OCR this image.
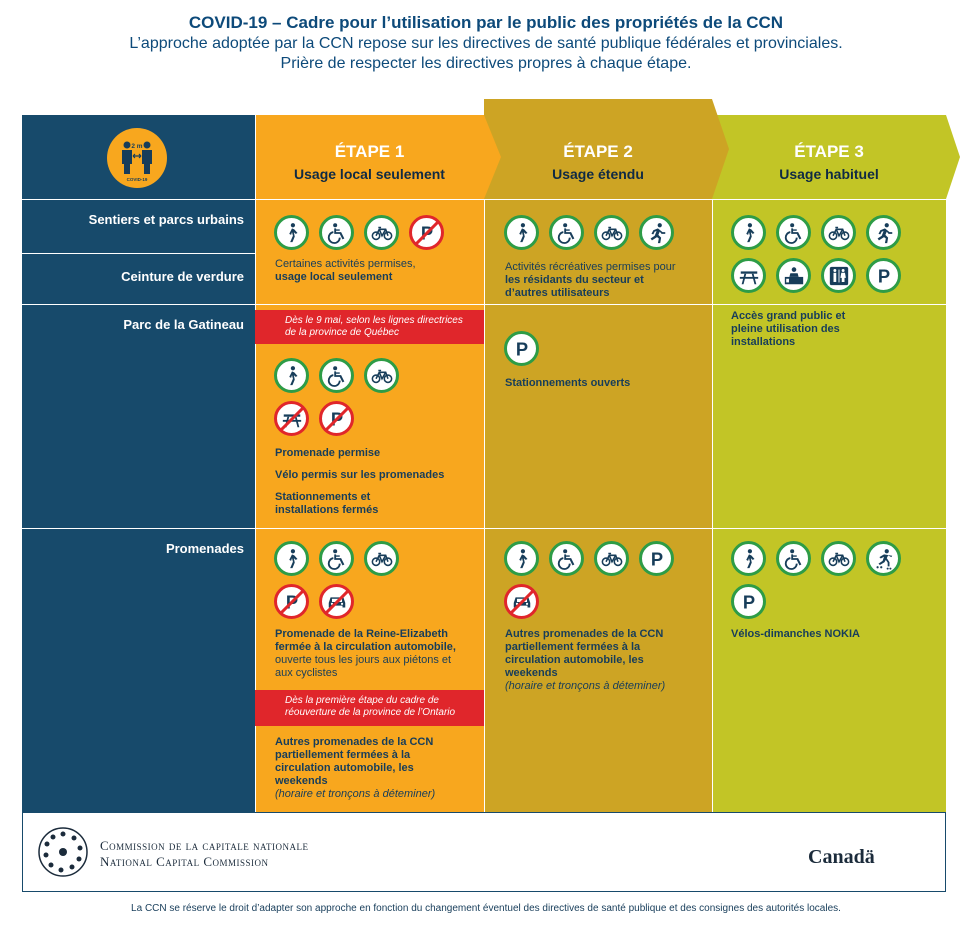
COVID-19 – Cadre pour l’utilisation par le public des propriétés de la CCN
L’approche adoptée par la CCN repose sur les directives de santé publique fédérales et provinciales.
Prière de respecter les directives propres à chaque étape.
2 m
COVID-19
ÉTAPE 1
Usage local seulement
ÉTAPE 2
Usage étendu
ÉTAPE 3
Usage habituel
Sentiers et parcs urbains
Ceinture de verdure
Parc de la Gatineau
Promenades
Certaines activités permises,
usage local seulement
Dès le 9 mai, selon les lignes directrices de la province de Québec
Promenade permise
Vélo permis sur les promenades
Stationnements et installations fermés
Promenade de la Reine-Elizabeth fermée à la circulation automobile,
ouverte tous les jours aux piétons et aux cyclistes
Dès la première étape du cadre de réouverture de la province de l’Ontario
Autres promenades de la CCN partiellement fermées à la circulation automobile, les weekends
(horaire et tronçons à déteminer)
Activités récréatives permises pour les résidants du secteur et d’autres utilisateurs
Stationnements ouverts
Autres promenades de la CCN partiellement fermées à la circulation automobile, les weekends
(horaire et tronçons à déteminer)
Accès grand public et pleine utilisation des installations
Vélos-dimanches NOKIA
Commission de la capitale nationale
National Capital Commission	Canadä
La CCN se réserve le droit d’adapter son approche en fonction du changement éventuel des directives de santé publique et des consignes des autorités locales.
